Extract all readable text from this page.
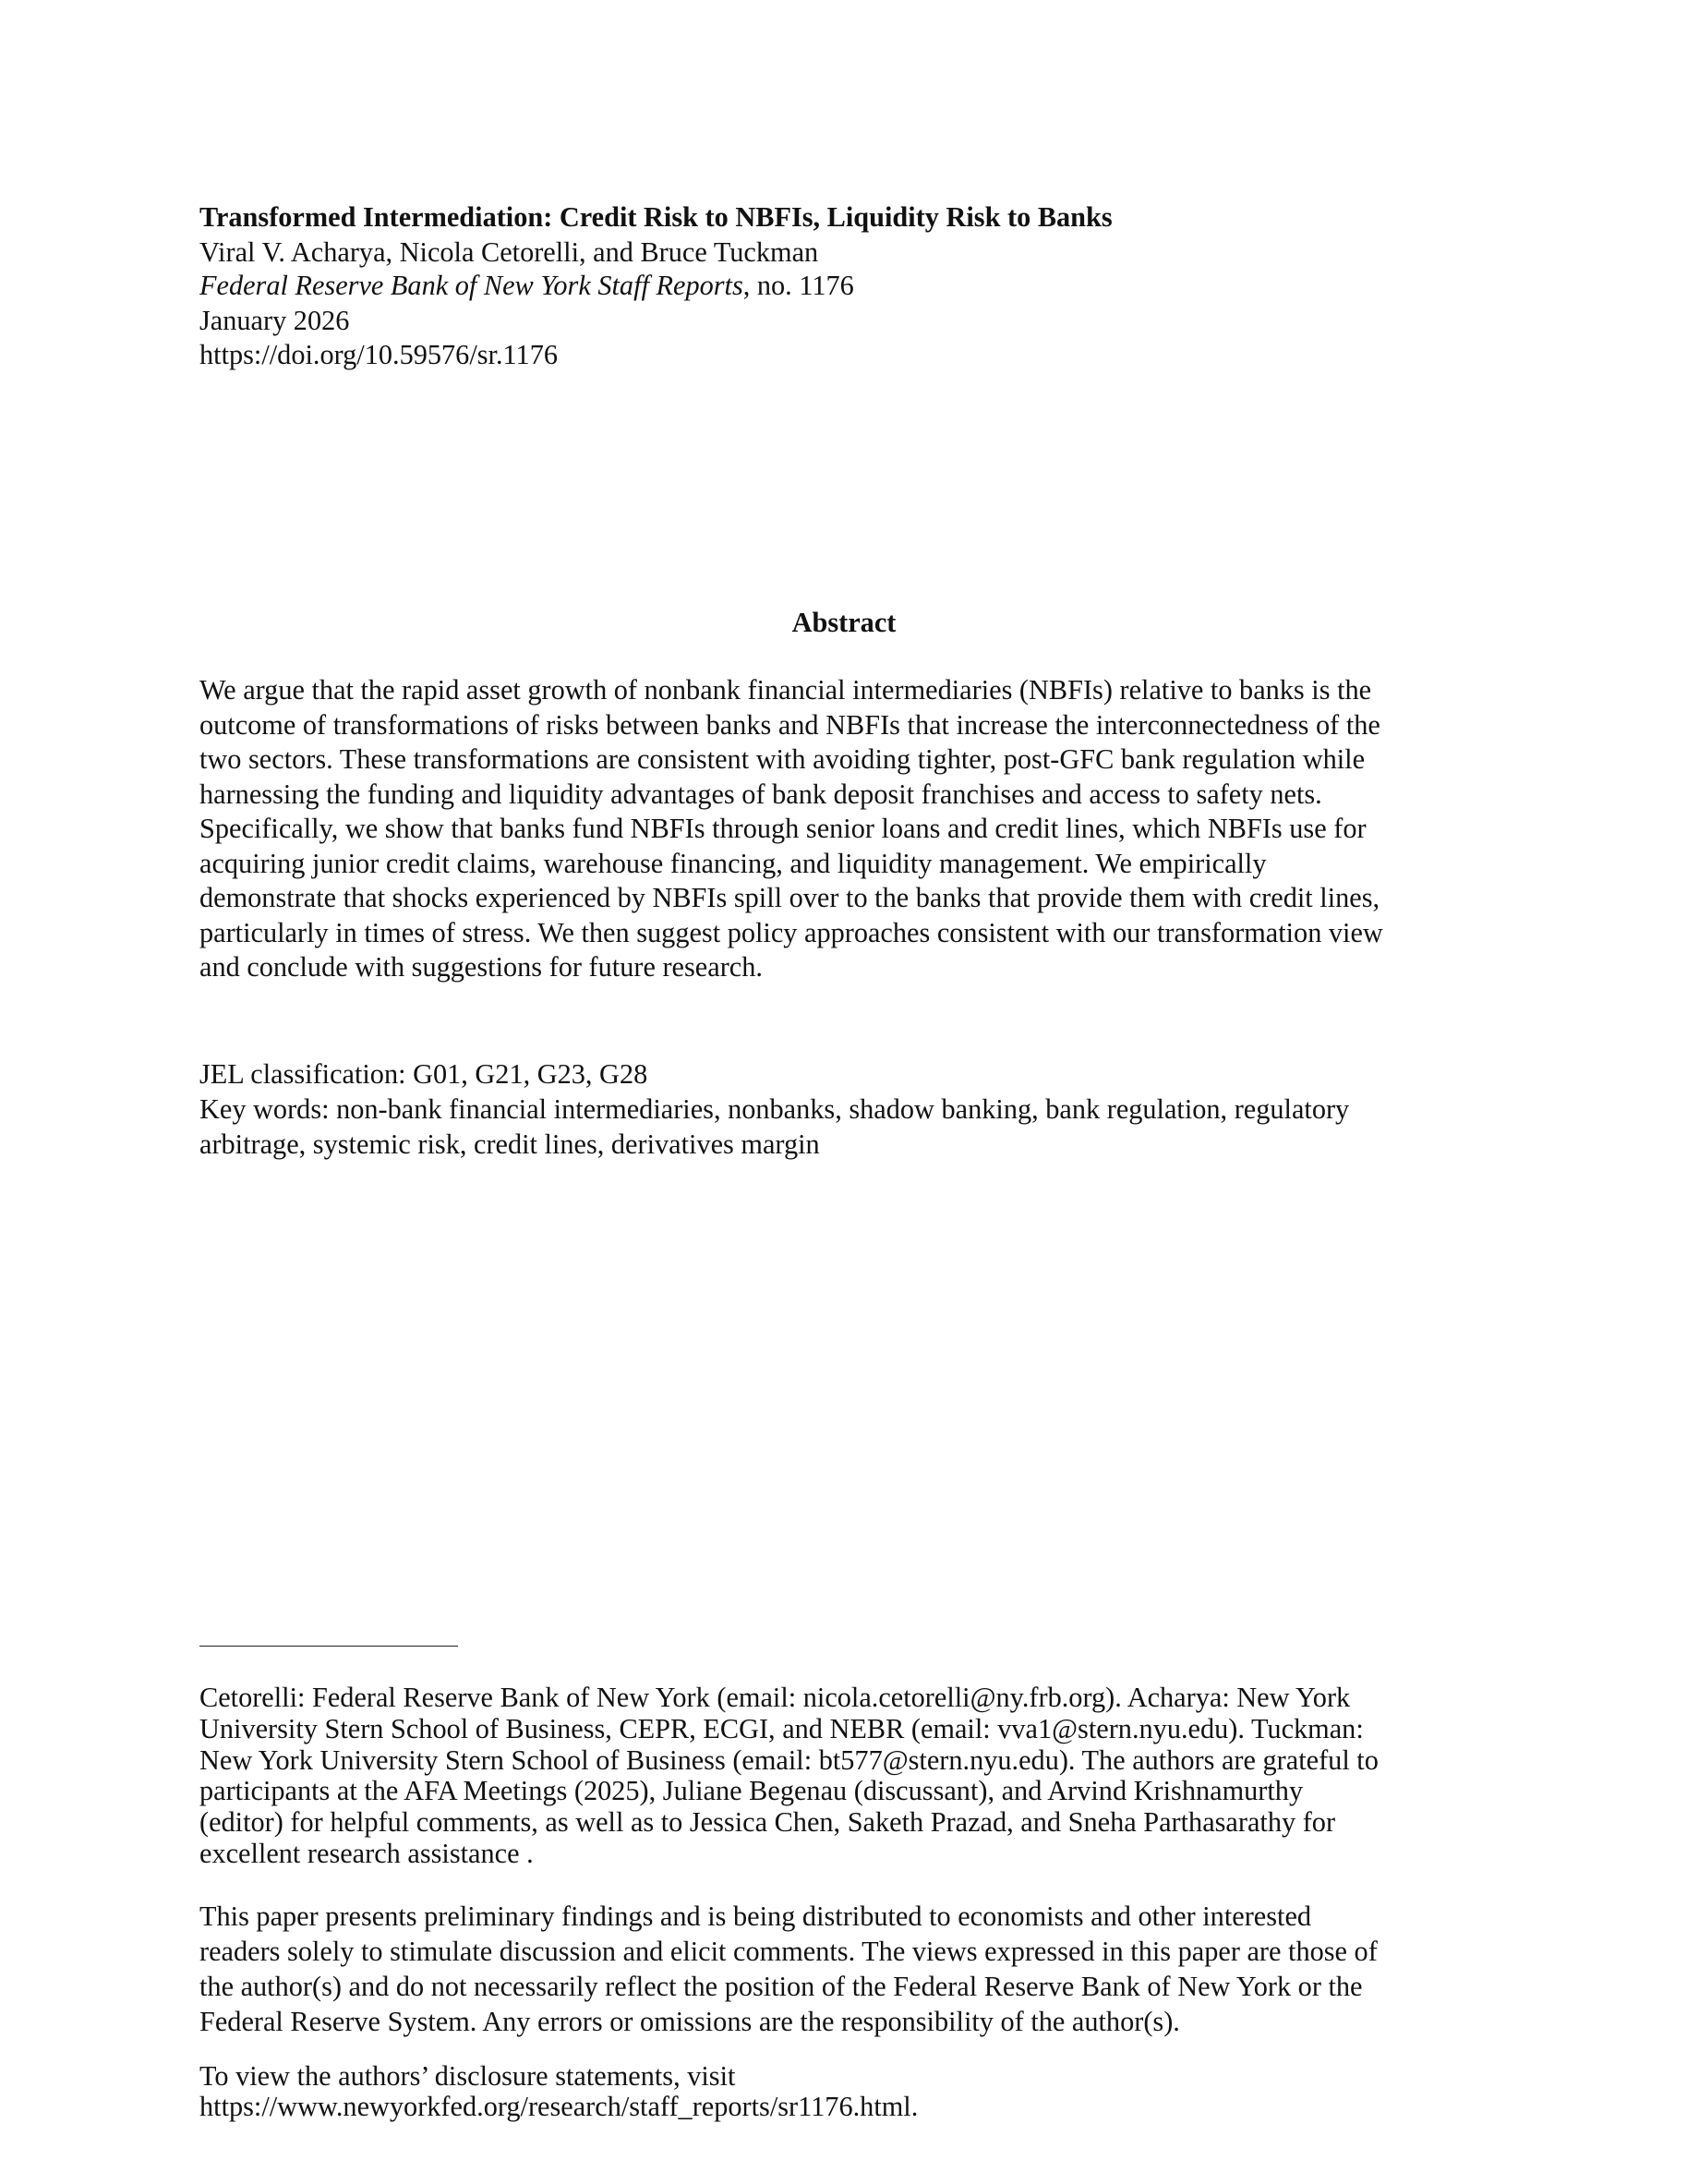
Transformed Intermediation: Credit Risk to NBFIs, Liquidity Risk to Banks
Viral V. Acharya, Nicola Cetorelli, and Bruce Tuckman
Federal Reserve Bank of New York Staff Reports, no. 1176
January 2026
https://doi.org/10.59576/sr.1176
Abstract
We argue that the rapid asset growth of nonbank financial intermediaries (NBFIs) relative to banks is the
outcome of transformations of risks between banks and NBFIs that increase the interconnectedness of the
two sectors. These transformations are consistent with avoiding tighter, post-GFC bank regulation while
harnessing the funding and liquidity advantages of bank deposit franchises and access to safety nets.
Specifically, we show that banks fund NBFIs through senior loans and credit lines, which NBFIs use for
acquiring junior credit claims, warehouse financing, and liquidity management. We empirically
demonstrate that shocks experienced by NBFIs spill over to the banks that provide them with credit lines,
particularly in times of stress. We then suggest policy approaches consistent with our transformation view
and conclude with suggestions for future research.
JEL classification: G01, G21, G23, G28
Key words: non-bank financial intermediaries, nonbanks, shadow banking, bank regulation, regulatory
arbitrage, systemic risk, credit lines, derivatives margin
Cetorelli: Federal Reserve Bank of New York (email: nicola.cetorelli@ny.frb.org). Acharya: New York
University Stern School of Business, CEPR, ECGI, and NEBR (email: vva1@stern.nyu.edu). Tuckman:
New York University Stern School of Business (email: bt577@stern.nyu.edu). The authors are grateful to
participants at the AFA Meetings (2025), Juliane Begenau (discussant), and Arvind Krishnamurthy
(editor) for helpful comments, as well as to Jessica Chen, Saketh Prazad, and Sneha Parthasarathy for
excellent research assistance .
This paper presents preliminary findings and is being distributed to economists and other interested
readers solely to stimulate discussion and elicit comments. The views expressed in this paper are those of
the author(s) and do not necessarily reflect the position of the Federal Reserve Bank of New York or the
Federal Reserve System. Any errors or omissions are the responsibility of the author(s).
To view the authors’ disclosure statements, visit
https://www.newyorkfed.org/research/staff_reports/sr1176.html.
